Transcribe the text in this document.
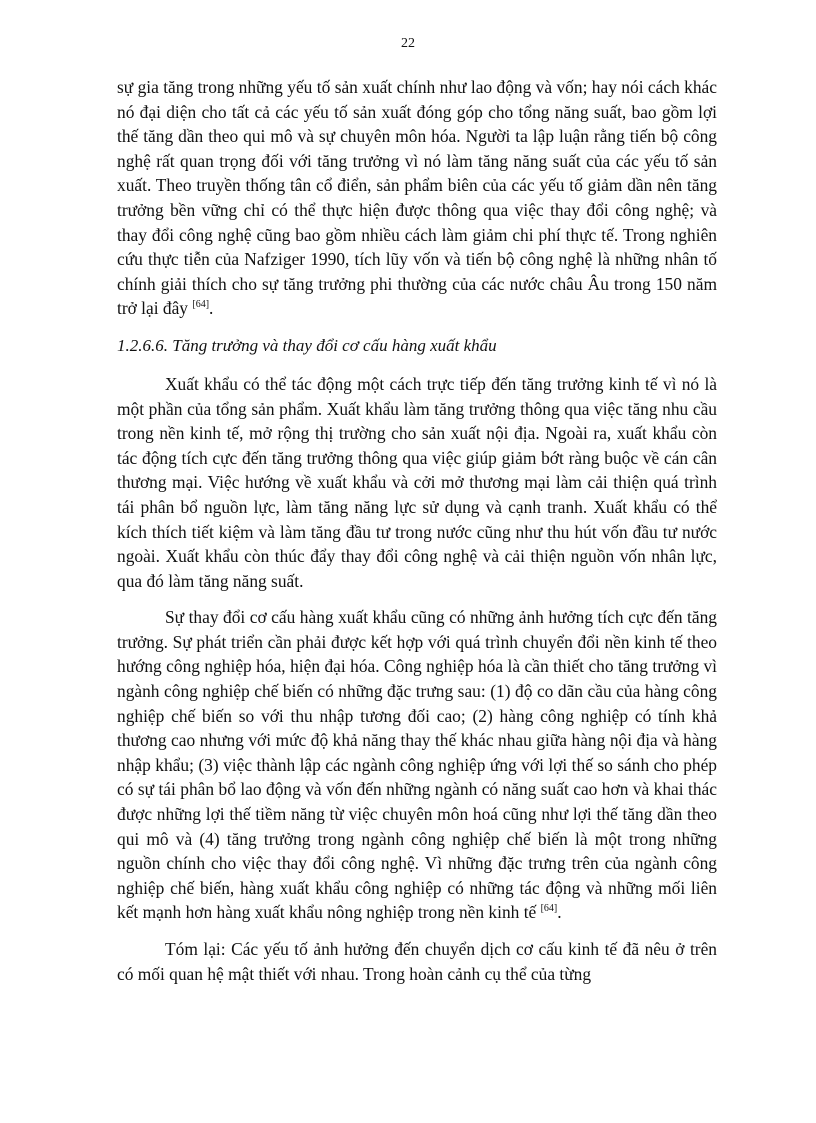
22

sự gia tăng trong những yếu tố sản xuất chính như lao động và vốn; hay nói cách khác nó đại diện cho tất cả các yếu tố sản xuất đóng góp cho tổng năng suất, bao gồm lợi thế tăng dần theo qui mô và sự chuyên môn hóa. Người ta lập luận rằng tiến bộ công nghệ rất quan trọng đối với tăng trưởng vì nó làm tăng năng suất của các yếu tố sản xuất. Theo truyền thống tân cổ điển, sản phẩm biên của các yếu tố giảm dần nên tăng trưởng bền vững chỉ có thể thực hiện được thông qua việc thay đổi công nghệ; và thay đổi công nghệ cũng bao gồm nhiều cách làm giảm chi phí thực tế. Trong nghiên cứu thực tiễn của Nafziger 1990, tích lũy vốn và tiến bộ công nghệ là những nhân tố chính giải thích cho sự tăng trưởng phi thường của các nước châu Âu trong 150 năm trở lại đây [64].

1.2.6.6. Tăng trưởng và thay đổi cơ cấu hàng xuất khẩu

Xuất khẩu có thể tác động một cách trực tiếp đến tăng trưởng kinh tế vì nó là một phần của tổng sản phẩm. Xuất khẩu làm tăng trưởng thông qua việc tăng nhu cầu trong nền kinh tế, mở rộng thị trường cho sản xuất nội địa. Ngoài ra, xuất khẩu còn tác động tích cực đến tăng trưởng thông qua việc giúp giảm bớt ràng buộc về cán cân thương mại. Việc hướng về xuất khẩu và cởi mở thương mại làm cải thiện quá trình tái phân bổ nguồn lực, làm tăng năng lực sử dụng và cạnh tranh. Xuất khẩu có thể kích thích tiết kiệm và làm tăng đầu tư trong nước cũng như thu hút vốn đầu tư nước ngoài. Xuất khẩu còn thúc đẩy thay đổi công nghệ và cải thiện nguồn vốn nhân lực, qua đó làm tăng năng suất.

Sự thay đổi cơ cấu hàng xuất khẩu cũng có những ảnh hưởng tích cực đến tăng trưởng. Sự phát triển cần phải được kết hợp với quá trình chuyển đổi nền kinh tế theo hướng công nghiệp hóa, hiện đại hóa. Công nghiệp hóa là cần thiết cho tăng trưởng vì ngành công nghiệp chế biến có những đặc trưng sau: (1) độ co dãn cầu của hàng công nghiệp chế biến so với thu nhập tương đối cao; (2) hàng công nghiệp có tính khả thương cao nhưng với mức độ khả năng thay thế khác nhau giữa hàng nội địa và hàng nhập khẩu; (3) việc thành lập các ngành công nghiệp ứng với lợi thế so sánh cho phép có sự tái phân bổ lao động và vốn đến những ngành có năng suất cao hơn và khai thác được những lợi thế tiềm năng từ việc chuyên môn hoá cũng như lợi thế tăng dần theo qui mô và (4) tăng trưởng trong ngành công nghiệp chế biến là một trong những nguồn chính cho việc thay đổi công nghệ. Vì những đặc trưng trên của ngành công nghiệp chế biến, hàng xuất khẩu công nghiệp có những tác động và những mối liên kết mạnh hơn hàng xuất khẩu nông nghiệp trong nền kinh tế [64].

Tóm lại: Các yếu tố ảnh hưởng đến chuyển dịch cơ cấu kinh tế đã nêu ở trên có mối quan hệ mật thiết với nhau. Trong hoàn cảnh cụ thể của từng
